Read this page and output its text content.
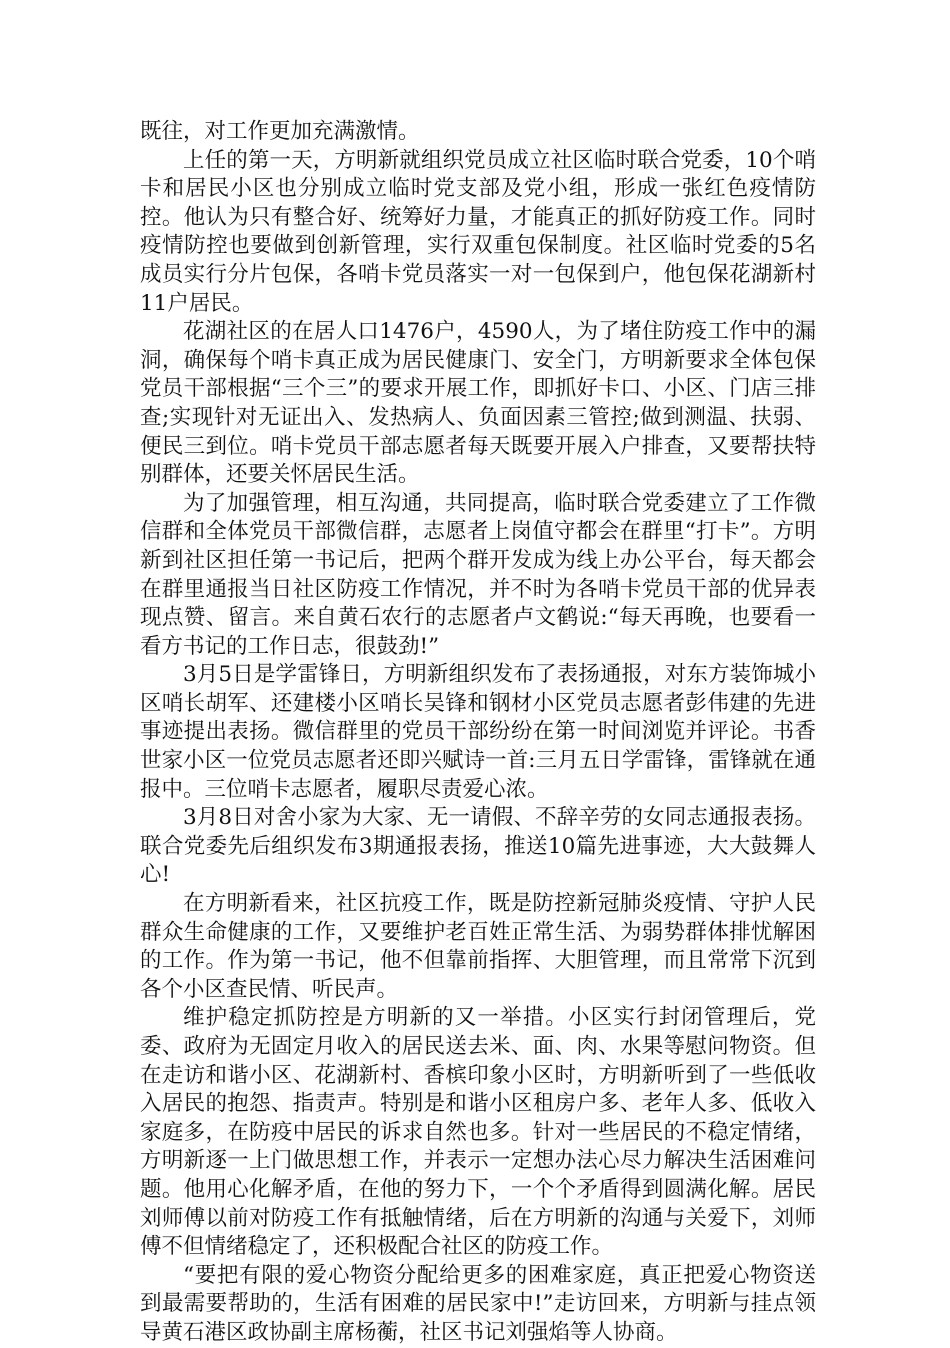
既往，对工作更加充满激情。

上任的第一天，方明新就组织党员成立社区临时联合党委，10个哨卡和居民小区也分别成立临时党支部及党小组，形成一张红色疫情防控。他认为只有整合好、统筹好力量，才能真正的抓好防疫工作。同时疫情防控也要做到创新管理，实行双重包保制度。社区临时党委的5名成员实行分片包保，各哨卡党员落实一对一包保到户，他包保花湖新村11户居民。

花湖社区的在居人口1476户，4590人，为了堵住防疫工作中的漏洞，确保每个哨卡真正成为居民健康门、安全门，方明新要求全体包保党员干部根据“三个三”的要求开展工作，即抓好卡口、小区、门店三排查;实现针对无证出入、发热病人、负面因素三管控;做到测温、扶弱、便民三到位。哨卡党员干部志愿者每天既要开展入户排查，又要帮扶特别群体，还要关怀居民生活。

为了加强管理，相互沟通，共同提高，临时联合党委建立了工作微信群和全体党员干部微信群，志愿者上岗值守都会在群里“打卡”。方明新到社区担任第一书记后，把两个群开发成为线上办公平台，每天都会在群里通报当日社区防疫工作情况，并不时为各哨卡党员干部的优异表现点赞、留言。来自黄石农行的志愿者卢文鹤说:“每天再晚，也要看一看方书记的工作日志，很鼓劲!”

3月5日是学雷锋日，方明新组织发布了表扬通报，对东方装饰城小区哨长胡军、还建楼小区哨长吴锋和钢材小区党员志愿者彭伟建的先进事迹提出表扬。微信群里的党员干部纷纷在第一时间浏览并评论。书香世家小区一位党员志愿者还即兴赋诗一首:三月五日学雷锋，雷锋就在通报中。三位哨卡志愿者，履职尽责爱心浓。

3月8日对舍小家为大家、无一请假、不辞辛劳的女同志通报表扬。联合党委先后组织发布3期通报表扬，推送10篇先进事迹，大大鼓舞人心!

在方明新看来，社区抗疫工作，既是防控新冠肺炎疫情、守护人民群众生命健康的工作，又要维护老百姓正常生活、为弱势群体排忧解困的工作。作为第一书记，他不但靠前指挥、大胆管理，而且常常下沉到各个小区查民情、听民声。

维护稳定抓防控是方明新的又一举措。小区实行封闭管理后，党委、政府为无固定月收入的居民送去米、面、肉、水果等慰问物资。但在走访和谐小区、花湖新村、香槟印象小区时，方明新听到了一些低收入居民的抱怨、指责声。特别是和谐小区租房户多、老年人多、低收入家庭多，在防疫中居民的诉求自然也多。针对一些居民的不稳定情绪，方明新逐一上门做思想工作，并表示一定想办法心尽力解决生活困难问题。他用心化解矛盾，在他的努力下，一个个矛盾得到圆满化解。居民刘师傅以前对防疫工作有抵触情绪，后在方明新的沟通与关爱下，刘师傅不但情绪稳定了，还积极配合社区的防疫工作。

“要把有限的爱心物资分配给更多的困难家庭，真正把爱心物资送到最需要帮助的，生活有困难的居民家中!”走访回来，方明新与挂点领导黄石港区政协副主席杨蘅，社区书记刘强焰等人协商。
